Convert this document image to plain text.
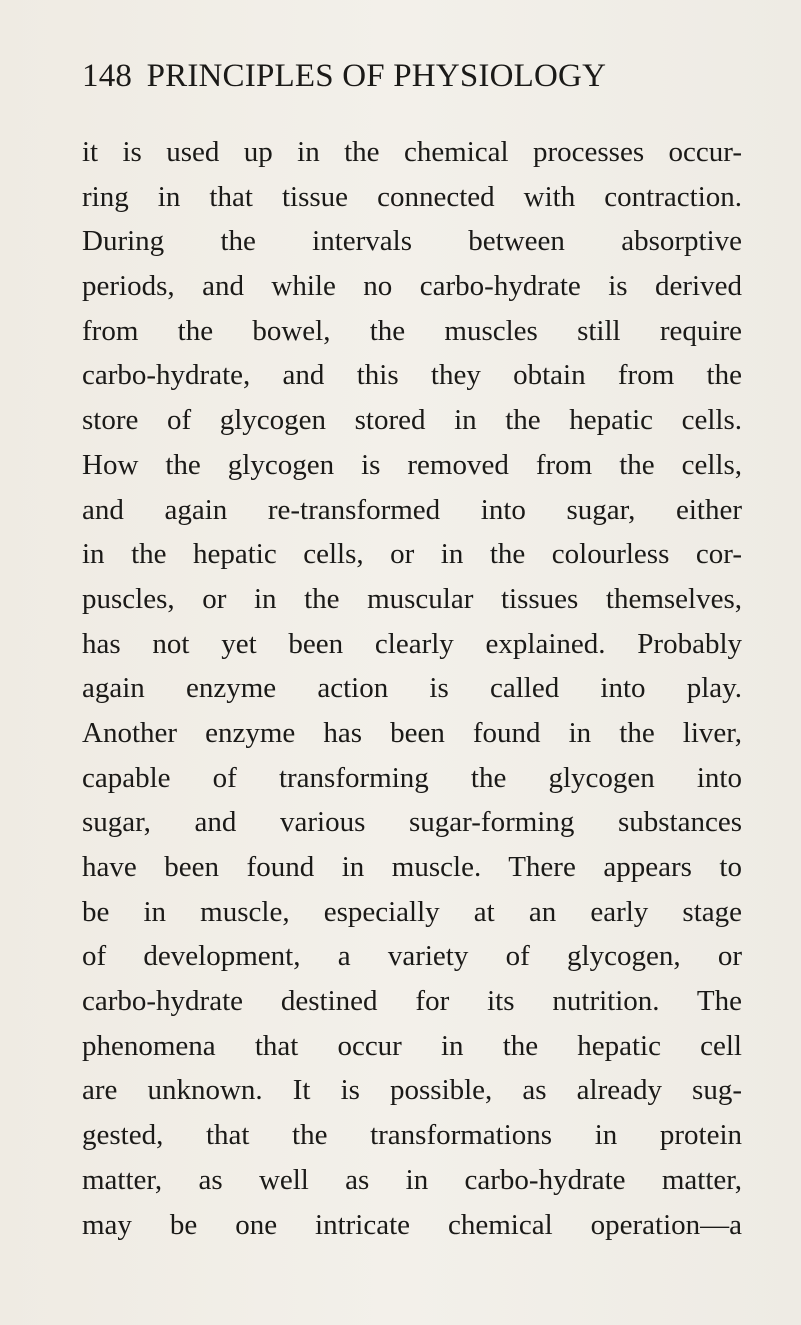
148 PRINCIPLES OF PHYSIOLOGY
it is used up in the chemical processes occur-
ring in that tissue connected with contraction.
During the intervals between absorptive
periods, and while no carbo-hydrate is derived
from the bowel, the muscles still require
carbo-hydrate, and this they obtain from the
store of glycogen stored in the hepatic cells.
How the glycogen is removed from the cells,
and again re-transformed into sugar, either
in the hepatic cells, or in the colourless cor-
puscles, or in the muscular tissues themselves,
has not yet been clearly explained. Probably
again enzyme action is called into play.
Another enzyme has been found in the liver,
capable of transforming the glycogen into
sugar, and various sugar-forming substances
have been found in muscle. There appears to
be in muscle, especially at an early stage
of development, a variety of glycogen, or
carbo-hydrate destined for its nutrition. The
phenomena that occur in the hepatic cell
are unknown. It is possible, as already sug-
gested, that the transformations in protein
matter, as well as in carbo-hydrate matter,
may be one intricate chemical operation—a
